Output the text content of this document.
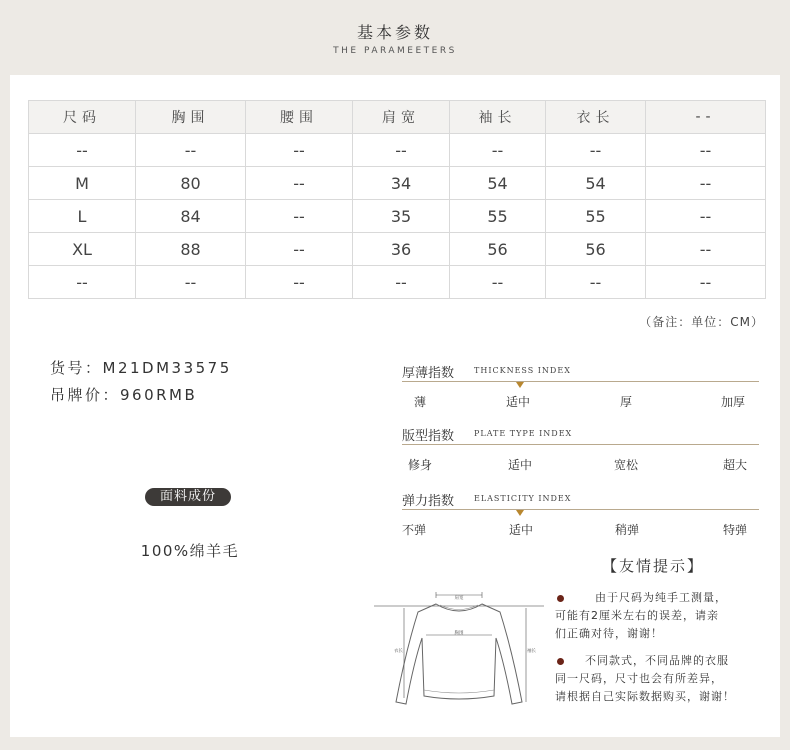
基本参数
THE PARAMEETERS
尺码	胸围	腰围	肩宽	袖长	衣长	--
--	--	--	--	--	--	--
M	80	--	34	54	54	--
L	84	--	35	55	55	--
XL	88	--	36	56	56	--
--	--	--	--	--	--	--
（备注：单位：CM）
货号：M21DM33575
吊牌价：960RMB
面料成份
100%绵羊毛
厚薄指数 THICKNESS INDEX
薄	适中	厚	加厚
版型指数 PLATE TYPE INDEX
修身	适中	宽松	超大
弹力指数 ELASTICITY INDEX
不弹	适中	稍弹	特弹
【友情提示】
由于尺码为纯手工测量，
可能有2厘米左右的误差，请亲
们正确对待，谢谢！
不同款式，不同品牌的衣服
同一尺码，尺寸也会有所差异，
请根据自己实际数据购买，谢谢！
肩宽
胸围
衣长	袖长
